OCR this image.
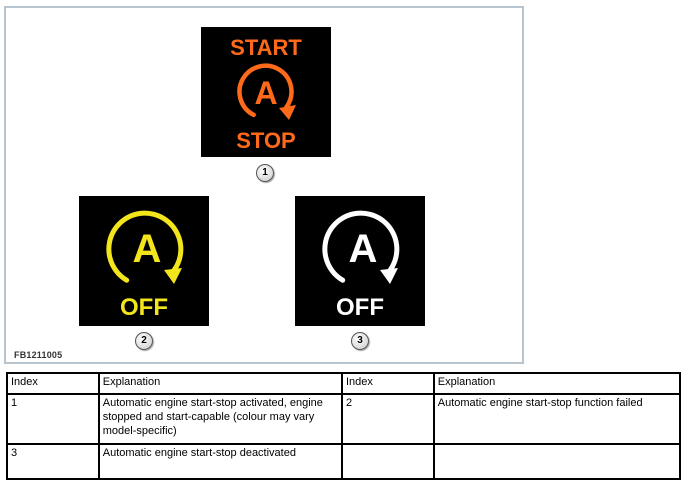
START
A
STOP
1
A
OFF
2
A
OFF
3
FB1211005
Index	Explanation	Index	Explanation
1	Automatic engine start-stop activated, engine stopped and start-capable (colour may vary model-specific)	2	Automatic engine start-stop function failed
3	Automatic engine start-stop deactivated		
